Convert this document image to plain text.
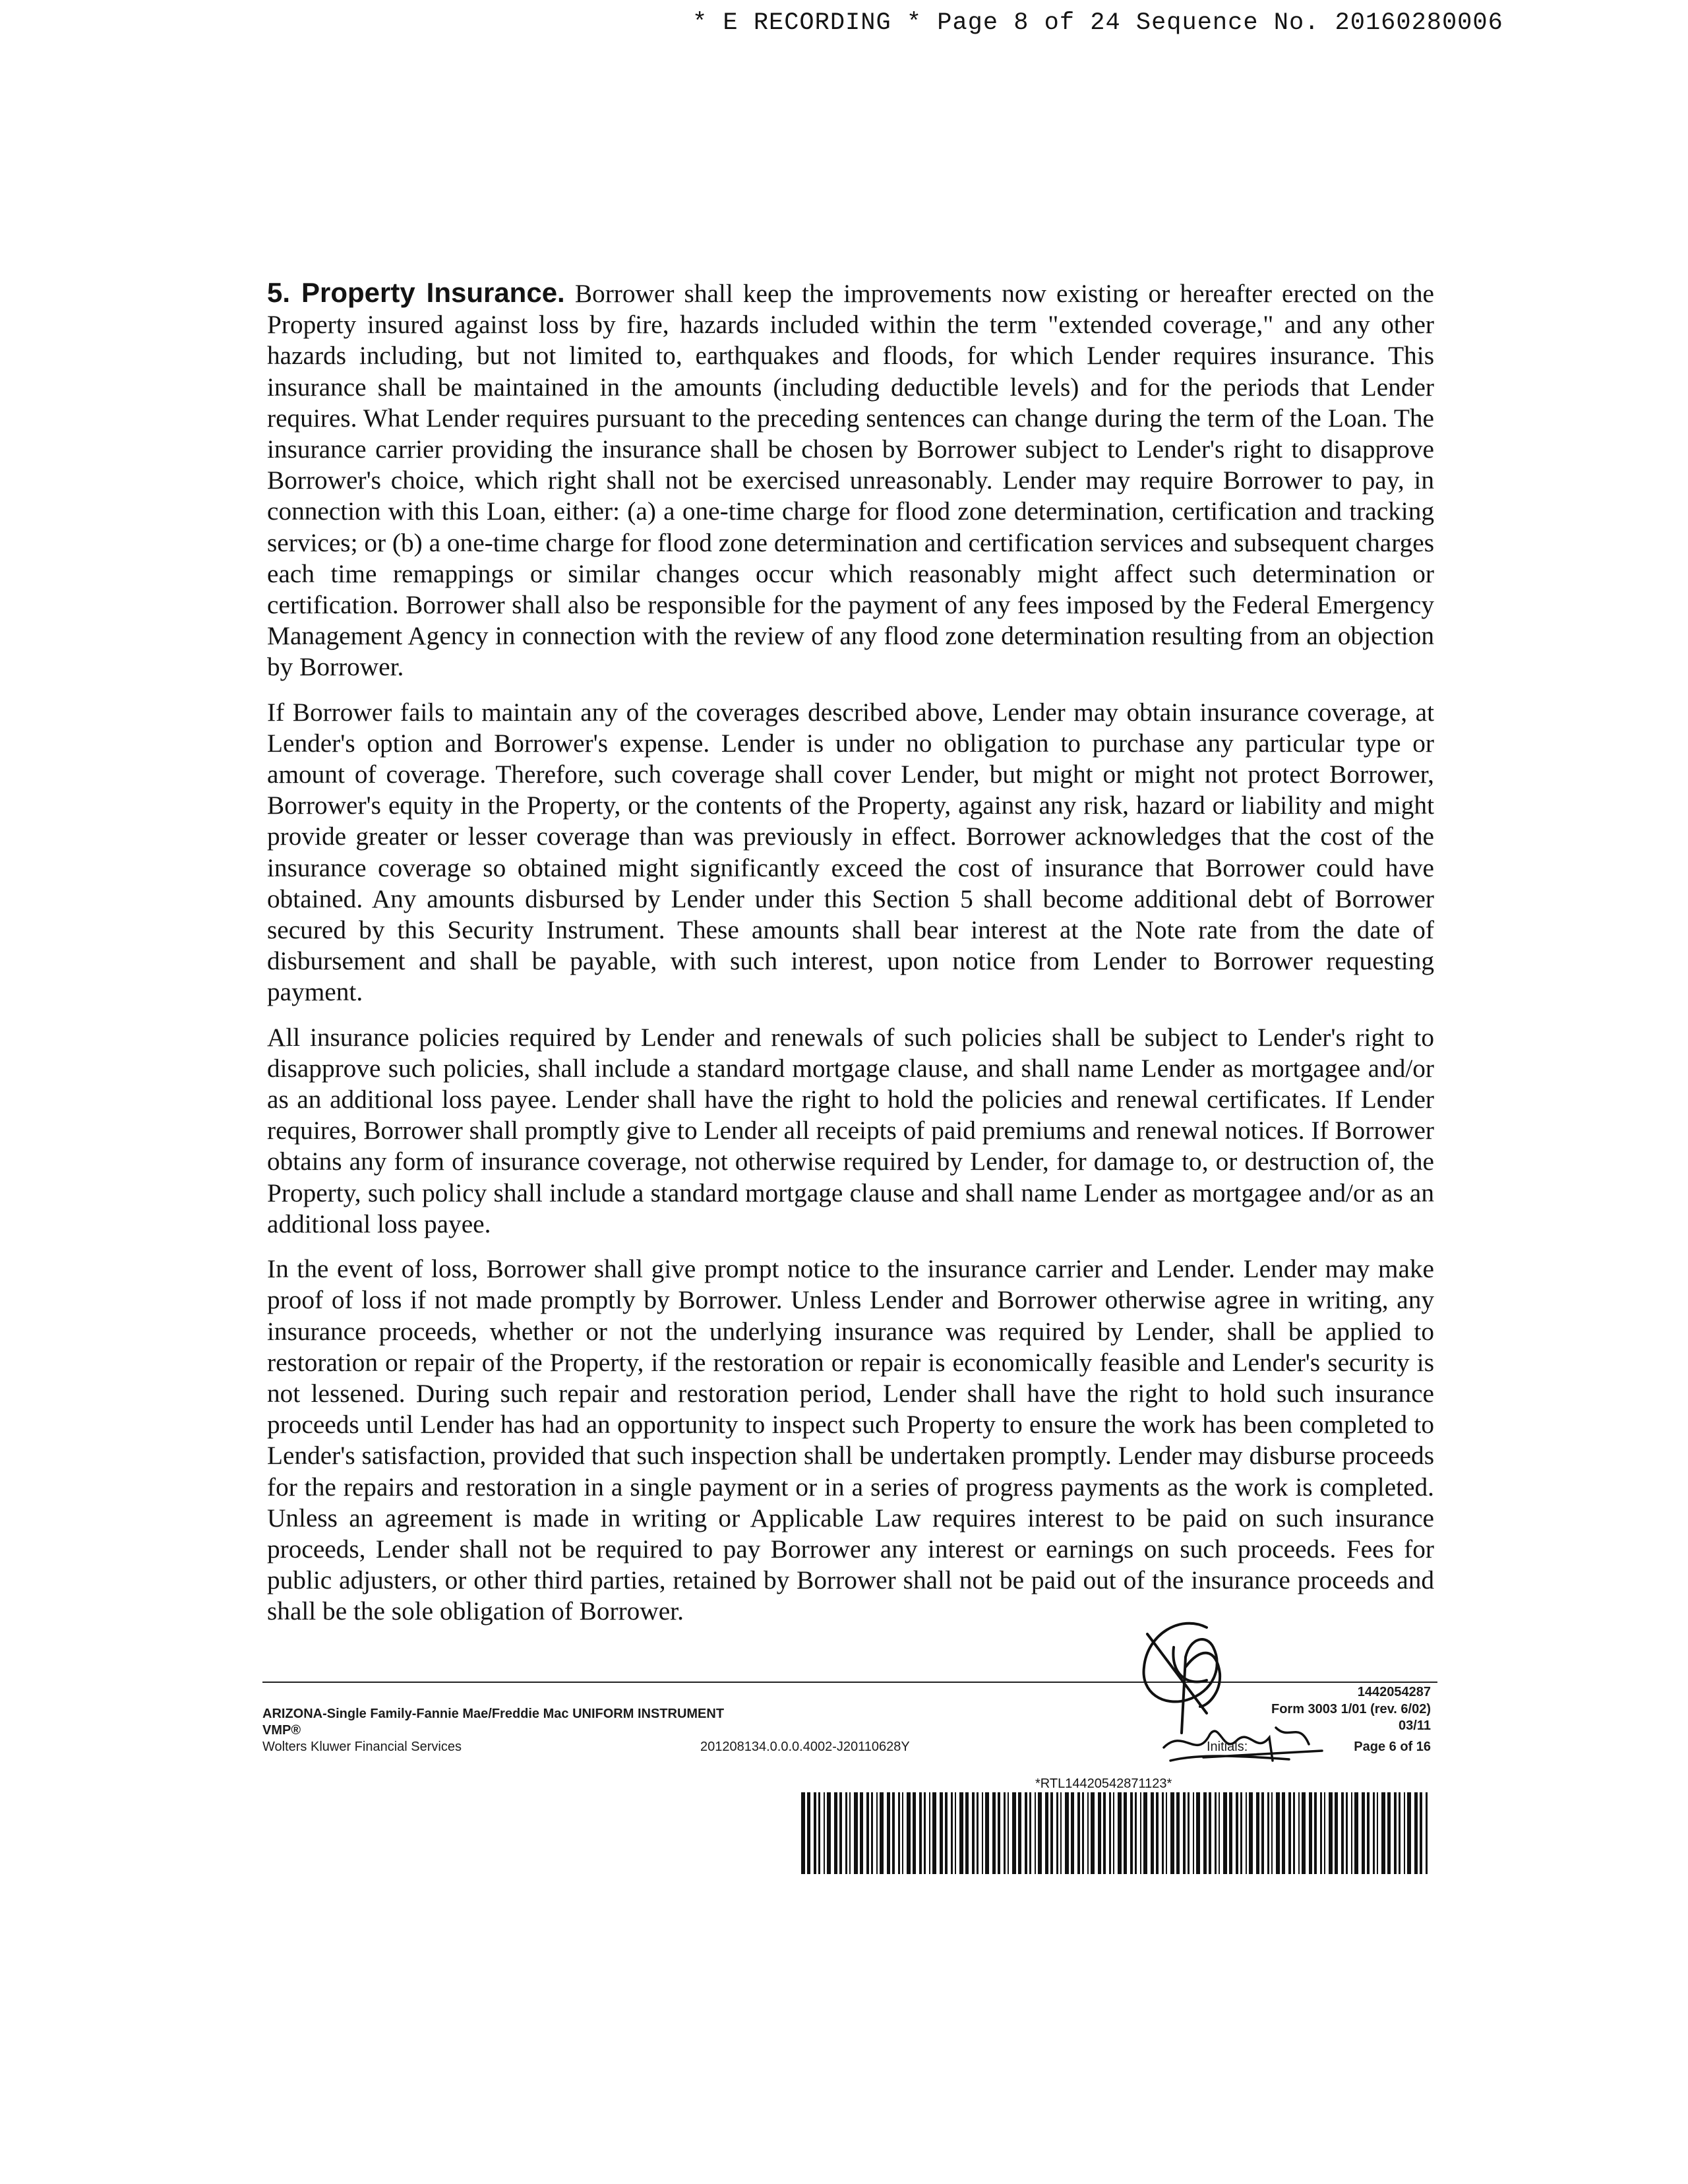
* E RECORDING * Page 8 of 24 Sequence No. 20160280006

5. Property Insurance. Borrower shall keep the improvements now existing or hereafter erected on the Property insured against loss by fire, hazards included within the term "extended coverage," and any other hazards including, but not limited to, earthquakes and floods, for which Lender requires insurance. This insurance shall be maintained in the amounts (including deductible levels) and for the periods that Lender requires. What Lender requires pursuant to the preceding sentences can change during the term of the Loan. The insurance carrier providing the insurance shall be chosen by Borrower subject to Lender's right to disapprove Borrower's choice, which right shall not be exercised unreasonably. Lender may require Borrower to pay, in connection with this Loan, either: (a) a one-time charge for flood zone determination, certification and tracking services; or (b) a one-time charge for flood zone determination and certification services and subsequent charges each time remappings or similar changes occur which reasonably might affect such determination or certification. Borrower shall also be responsible for the payment of any fees imposed by the Federal Emergency Management Agency in connection with the review of any flood zone determination resulting from an objection by Borrower.

If Borrower fails to maintain any of the coverages described above, Lender may obtain insurance coverage, at Lender's option and Borrower's expense. Lender is under no obligation to purchase any particular type or amount of coverage. Therefore, such coverage shall cover Lender, but might or might not protect Borrower, Borrower's equity in the Property, or the contents of the Property, against any risk, hazard or liability and might provide greater or lesser coverage than was previously in effect. Borrower acknowledges that the cost of the insurance coverage so obtained might significantly exceed the cost of insurance that Borrower could have obtained. Any amounts disbursed by Lender under this Section 5 shall become additional debt of Borrower secured by this Security Instrument. These amounts shall bear interest at the Note rate from the date of disbursement and shall be payable, with such interest, upon notice from Lender to Borrower requesting payment.

All insurance policies required by Lender and renewals of such policies shall be subject to Lender's right to disapprove such policies, shall include a standard mortgage clause, and shall name Lender as mortgagee and/or as an additional loss payee. Lender shall have the right to hold the policies and renewal certificates. If Lender requires, Borrower shall promptly give to Lender all receipts of paid premiums and renewal notices. If Borrower obtains any form of insurance coverage, not otherwise required by Lender, for damage to, or destruction of, the Property, such policy shall include a standard mortgage clause and shall name Lender as mortgagee and/or as an additional loss payee.

In the event of loss, Borrower shall give prompt notice to the insurance carrier and Lender. Lender may make proof of loss if not made promptly by Borrower. Unless Lender and Borrower otherwise agree in writing, any insurance proceeds, whether or not the underlying insurance was required by Lender, shall be applied to restoration or repair of the Property, if the restoration or repair is economically feasible and Lender's security is not lessened. During such repair and restoration period, Lender shall have the right to hold such insurance proceeds until Lender has had an opportunity to inspect such Property to ensure the work has been completed to Lender's satisfaction, provided that such inspection shall be undertaken promptly. Lender may disburse proceeds for the repairs and restoration in a single payment or in a series of progress payments as the work is completed. Unless an agreement is made in writing or Applicable Law requires interest to be paid on such insurance proceeds, Lender shall not be required to pay Borrower any interest or earnings on such proceeds. Fees for public adjusters, or other third parties, retained by Borrower shall not be paid out of the insurance proceeds and shall be the sole obligation of Borrower.

ARIZONA-Single Family-Fannie Mae/Freddie Mac UNIFORM INSTRUMENT
VMP®
Wolters Kluwer Financial Services	201208134.0.0.0.4002-J20110628Y
1442054287
Form 3003 1/01 (rev. 6/02)
03/11
Initials:	Page 6 of 16
*RTL14420542871123*
